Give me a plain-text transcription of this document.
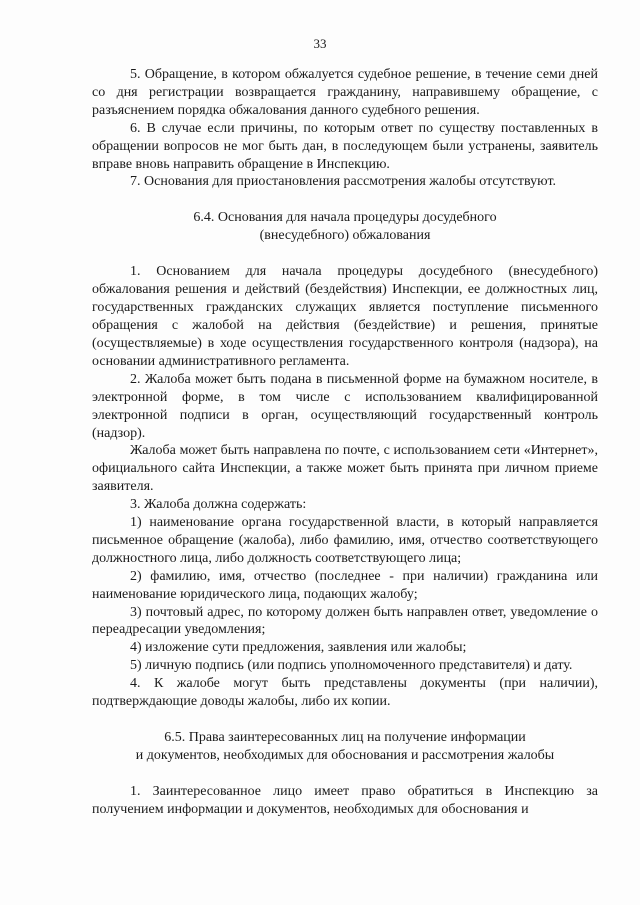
33

5. Обращение, в котором обжалуется судебное решение, в течение семи дней со дня регистрации возвращается гражданину, направившему обращение, с разъяснением порядка обжалования данного судебного решения.

6. В случае если причины, по которым ответ по существу поставленных в обращении вопросов не мог быть дан, в последующем были устранены, заявитель вправе вновь направить обращение в Инспекцию.

7. Основания для приостановления рассмотрения жалобы отсутствуют.

6.4. Основания для начала процедуры досудебного
(внесудебного) обжалования

1. Основанием для начала процедуры досудебного (внесудебного) обжалования решения и действий (бездействия) Инспекции, ее должностных лиц, государственных гражданских служащих является поступление письменного обращения с жалобой на действия (бездействие) и решения, принятые (осуществляемые) в ходе осуществления государственного контроля (надзора), на основании административного регламента.

2. Жалоба может быть подана в письменной форме на бумажном носителе, в электронной форме, в том числе с использованием квалифицированной электронной подписи в орган, осуществляющий государственный контроль (надзор).

Жалоба может быть направлена по почте, с использованием сети «Интернет», официального сайта Инспекции, а также может быть принята при личном приеме заявителя.

3. Жалоба должна содержать:

1) наименование органа государственной власти, в который направляется письменное обращение (жалоба), либо фамилию, имя, отчество соответствующего должностного лица, либо должность соответствующего лица;

2) фамилию, имя, отчество (последнее - при наличии) гражданина или наименование юридического лица, подающих жалобу;

3) почтовый адрес, по которому должен быть направлен ответ, уведомление о переадресации уведомления;

4) изложение сути предложения, заявления или жалобы;

5) личную подпись (или подпись уполномоченного представителя) и дату.

4. К жалобе могут быть представлены документы (при наличии), подтверждающие доводы жалобы, либо их копии.

6.5. Права заинтересованных лиц на получение информации
и документов, необходимых для обоснования и рассмотрения жалобы

1. Заинтересованное лицо имеет право обратиться в Инспекцию за получением информации и документов, необходимых для обоснования и
